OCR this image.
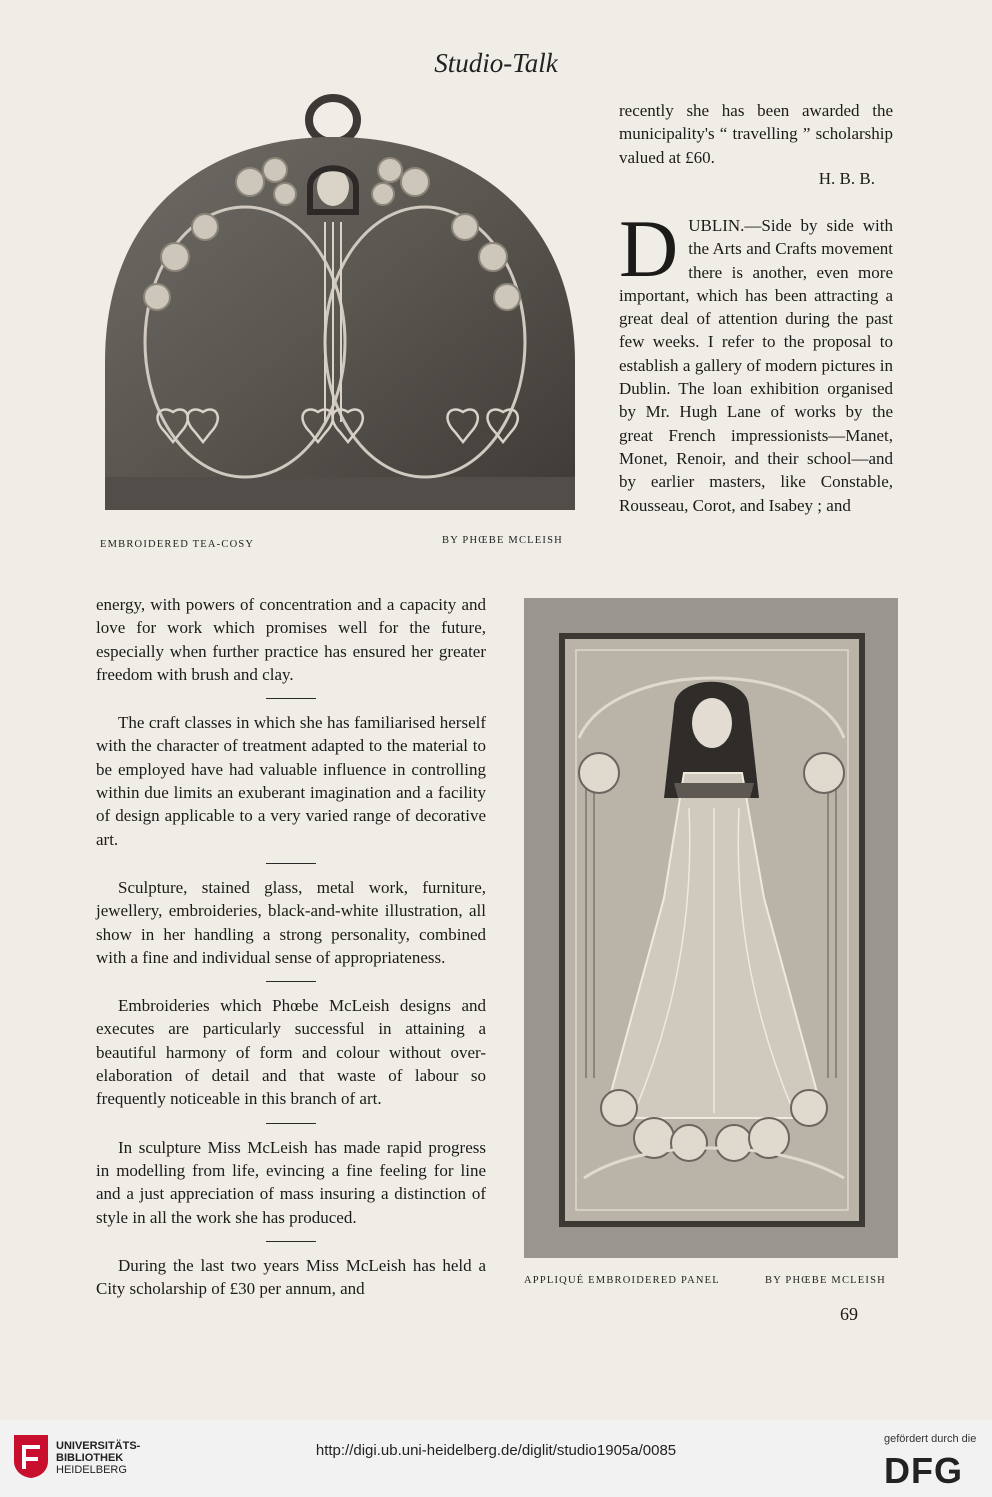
Studio-Talk
EMBROIDERED TEA-COSY	BY PHŒBE MCLEISH

recently she has been awarded the municipality's “ travelling ” scholarship valued at £60.

H. B. B.
D UBLIN.—Side by side with the Arts and Crafts movement there is another, even more important, which has been attracting a great deal of attention during the past few weeks. I refer to the proposal to establish a gallery of modern pictures in Dublin. The loan exhibition organised by Mr. Hugh Lane of works by the great French impressionists—Manet, Monet, Renoir, and their school—and by earlier masters, like Constable, Rousseau, Corot, and Isabey ; and

energy, with powers of concentration and a capacity and love for work which promises well for the future, especially when further practice has ensured her greater freedom with brush and clay.

The craft classes in which she has familiarised herself with the character of treatment adapted to the material to be employed have had valuable influence in controlling within due limits an exuberant imagination and a facility of design applicable to a very varied range of decorative art.

Sculpture, stained glass, metal work, furniture, jewellery, embroideries, black-and-white illustration, all show in her handling a strong personality, combined with a fine and individual sense of appropriateness.

Embroideries which Phœbe McLeish designs and executes are particularly successful in attaining a beautiful harmony of form and colour without over-elaboration of detail and that waste of labour so frequently noticeable in this branch of art.

In sculpture Miss McLeish has made rapid progress in modelling from life, evincing a fine feeling for line and a just appreciation of mass insuring a distinction of style in all the work she has produced.

During the last two years Miss McLeish has held a City scholarship of £30 per annum, and	APPLIQUÉ EMBROIDERED PANEL	BY PHŒBE MCLEISH
69
UNIVERSITÄTS-
BIBLIOTHEK
HEIDELBERG
http://digi.ub.uni-heidelberg.de/diglit/studio1905a/0085
gefördert durch die
DFG
